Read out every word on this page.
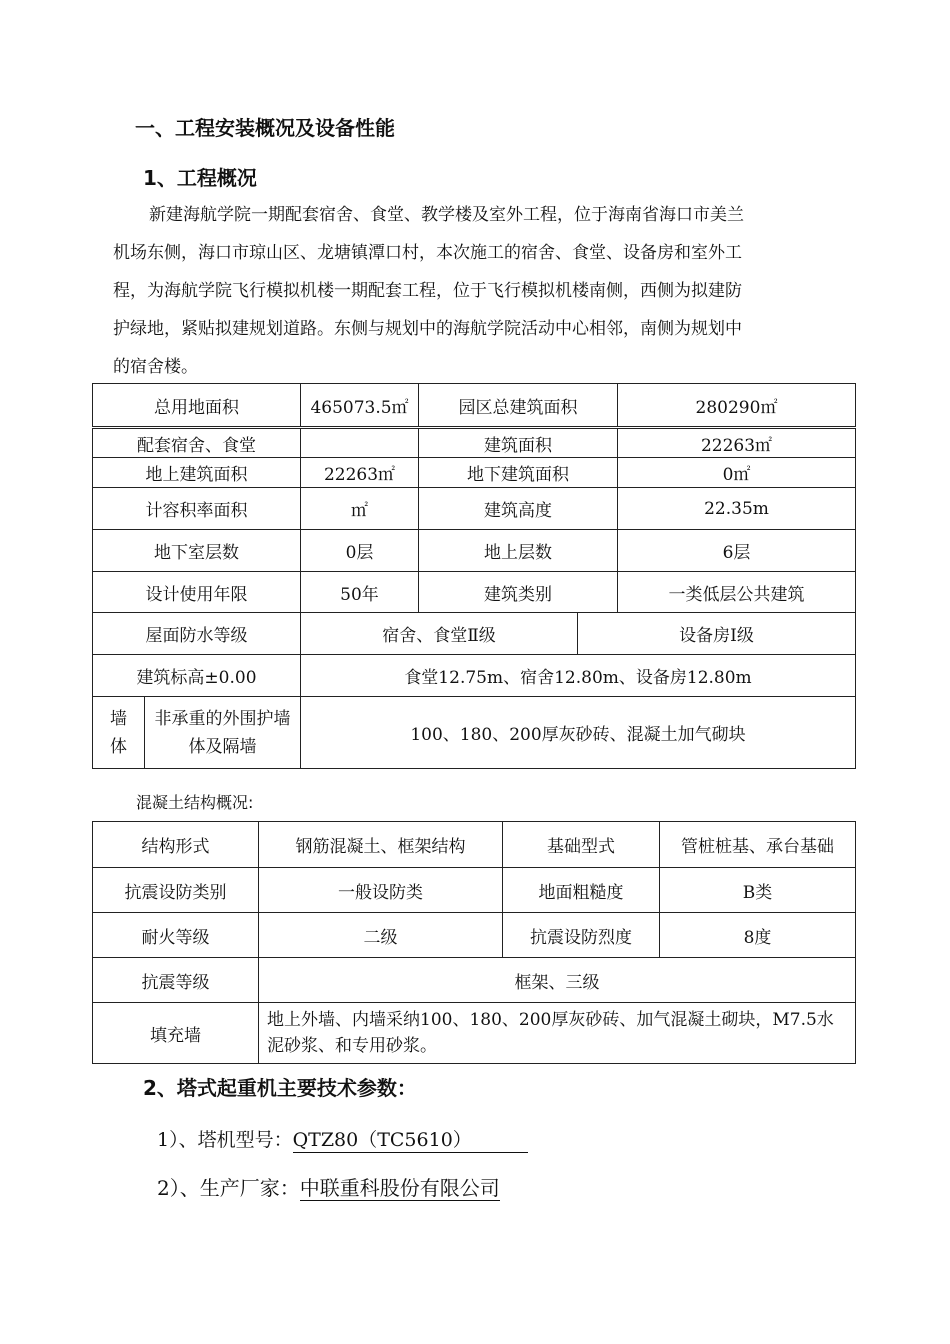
一、工程安装概况及设备性能
1、工程概况
新建海航学院一期配套宿舍、食堂、教学楼及室外工程，位于海南省海口市美兰
机场东侧，海口市琼山区、龙塘镇潭口村，本次施工的宿舍、食堂、设备房和室外工
程，为海航学院飞行模拟机楼一期配套工程，位于飞行模拟机楼南侧，西侧为拟建防
护绿地，紧贴拟建规划道路。东侧与规划中的海航学院活动中心相邻，南侧为规划中
的宿舍楼。
总用地面积		465073.5㎡	园区总建筑面积		280290㎡
配套宿舍、食堂			建筑面积		22263㎡
地上建筑面积		22263㎡	地下建筑面积		0㎡
计容积率面积		㎡	建筑高度		22.35m
地下室层数		0层	地上层数		6层
设计使用年限		50年	建筑类别		一类低层公共建筑
屋面防水等级		宿舍、食堂Ⅱ级		设备房Ⅰ级	
建筑标高±0.00		食堂12.75m、宿舍12.80m、设备房12.80m			
墙体	非承重的外围护墙体及隔墙	100、180、200厚灰砂砖、混凝土加气砌块			
混凝土结构概况:
结构形式	钢筋混凝土、框架结构	基础型式	管桩桩基、承台基础
抗震设防类别	一般设防类	地面粗糙度	B类
耐火等级	二级	抗震设防烈度	8度
抗震等级	框架、三级		
填充墙	地上外墙、内墙采纳100、180、200厚灰砂砖、加气混凝土砌块，M7.5水泥砂浆、和专用砂浆。		
2、塔式起重机主要技术参数：
1）、塔机型号：QTZ80（TC5610）
2）、生产厂家：中联重科股份有限公司
